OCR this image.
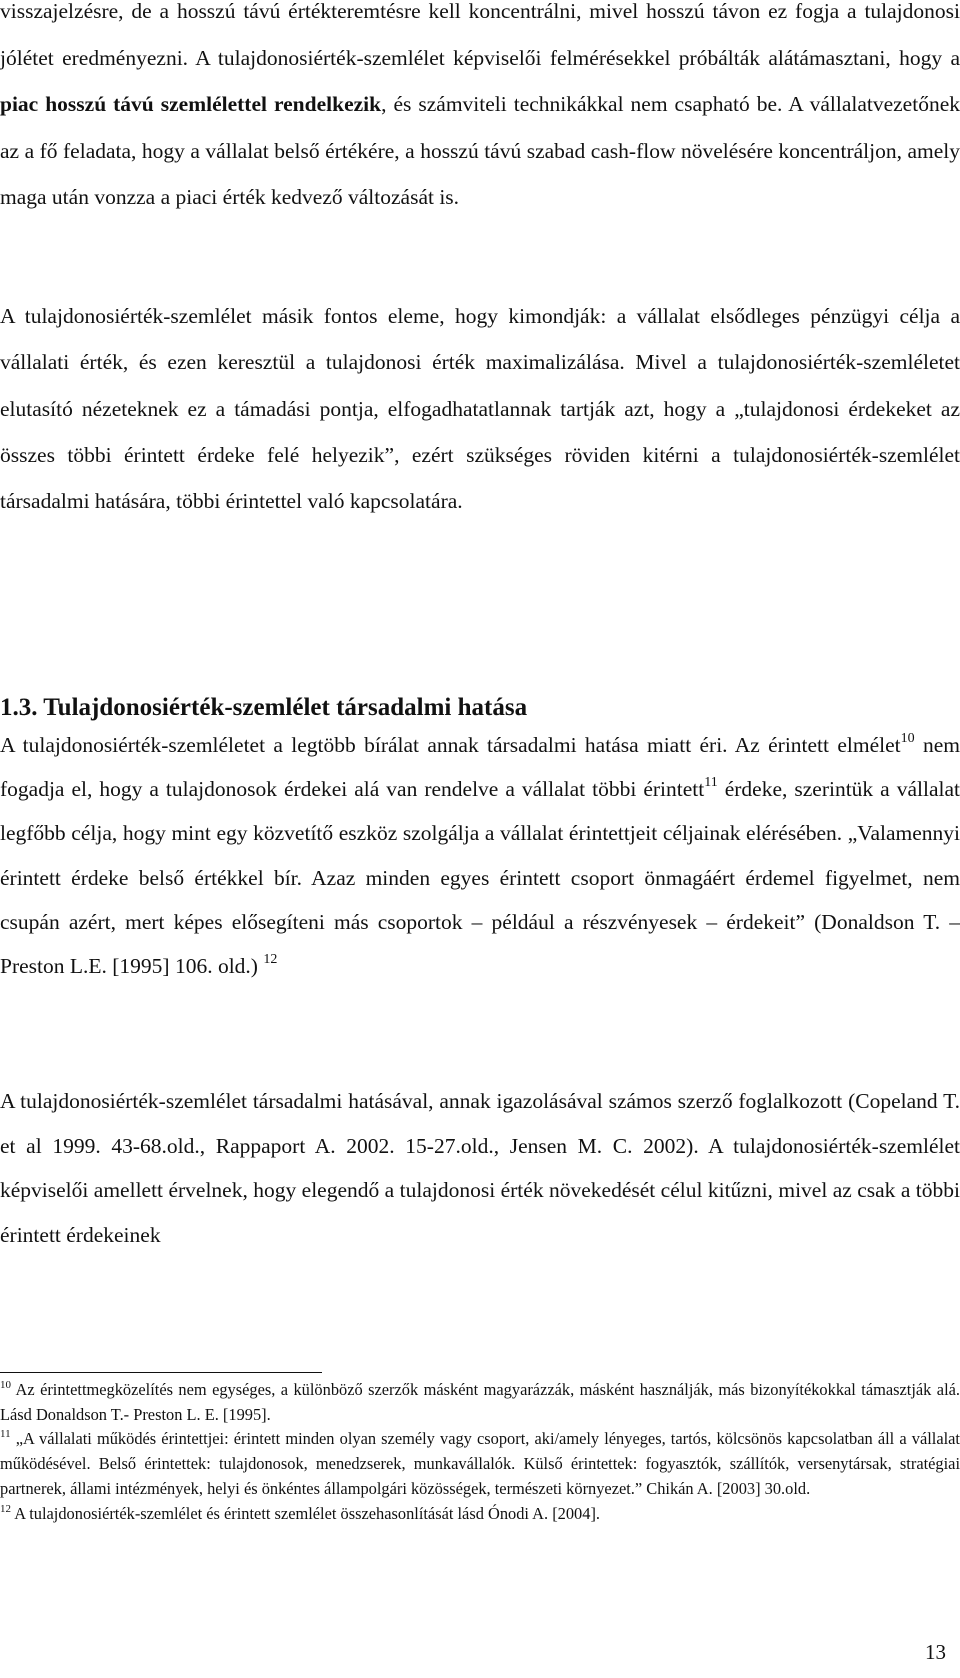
visszajelzésre, de a hosszú távú értékteremtésre kell koncentrálni, mivel hosszú távon ez fogja a tulajdonosi jólétet eredményezni. A tulajdonosiérték-szemlélet képviselői felmérésekkel próbálták alátámasztani, hogy a piac hosszú távú szemlélettel rendelkezik, és számviteli technikákkal nem csapható be. A vállalatvezetőnek az a fő feladata, hogy a vállalat belső értékére, a hosszú távú szabad cash-flow növelésére koncentráljon, amely maga után vonzza a piaci érték kedvező változását is.

A tulajdonosiérték-szemlélet másik fontos eleme, hogy kimondják: a vállalat elsődleges pénzügyi célja a vállalati érték, és ezen keresztül a tulajdonosi érték maximalizálása. Mivel a tulajdonosiérték-szemléletet elutasító nézeteknek ez a támadási pontja, elfogadhatatlannak tartják azt, hogy a „tulajdonosi érdekeket az összes többi érintett érdeke felé helyezik”, ezért szükséges röviden kitérni a tulajdonosiérték-szemlélet társadalmi hatására, többi érintettel való kapcsolatára.

1.3. Tulajdonosiérték-szemlélet társadalmi hatása

A tulajdonosiérték-szemléletet a legtöbb bírálat annak társadalmi hatása miatt éri. Az érintett elmélet$^{10}$ nem fogadja el, hogy a tulajdonosok érdekei alá van rendelve a vállalat többi érintett$^{11}$ érdeke, szerintük a vállalat legfőbb célja, hogy mint egy közvetítő eszköz szolgálja a vállalat érintettjeit céljainak elérésében. „Valamennyi érintett érdeke belső értékkel bír. Azaz minden egyes érintett csoport önmagáért érdemel figyelmet, nem csupán azért, mert képes elősegíteni más csoportok – például a részvényesek – érdekeit” (Donaldson T. – Preston L.E. [1995] 106. old.) $^{12}$

A tulajdonosiérték-szemlélet társadalmi hatásával, annak igazolásával számos szerző foglalkozott (Copeland T. et al 1999. 43-68.old., Rappaport A. 2002. 15-27.old., Jensen M. C. 2002). A tulajdonosiérték-szemlélet képviselői amellett érvelnek, hogy elegendő a tulajdonosi érték növekedését célul kitűzni, mivel az csak a többi érintett érdekeinek

$^{10}$ Az érintettmegközelítés nem egységes, a különböző szerzők másként magyarázzák, másként használják, más bizonyítékokkal támasztják alá. Lásd Donaldson T.- Preston L. E. [1995].

$^{11}$ „A vállalati működés érintettjei: érintett minden olyan személy vagy csoport, aki/amely lényeges, tartós, kölcsönös kapcsolatban áll a vállalat működésével. Belső érintettek: tulajdonosok, menedzserek, munkavállalók. Külső érintettek: fogyasztók, szállítók, versenytársak, stratégiai partnerek, állami intézmények, helyi és önkéntes állampolgári közösségek, természeti környezet.” Chikán A. [2003] 30.old.

$^{12}$ A tulajdonosiérték-szemlélet és érintett szemlélet összehasonlítását lásd Ónodi A. [2004].

13
